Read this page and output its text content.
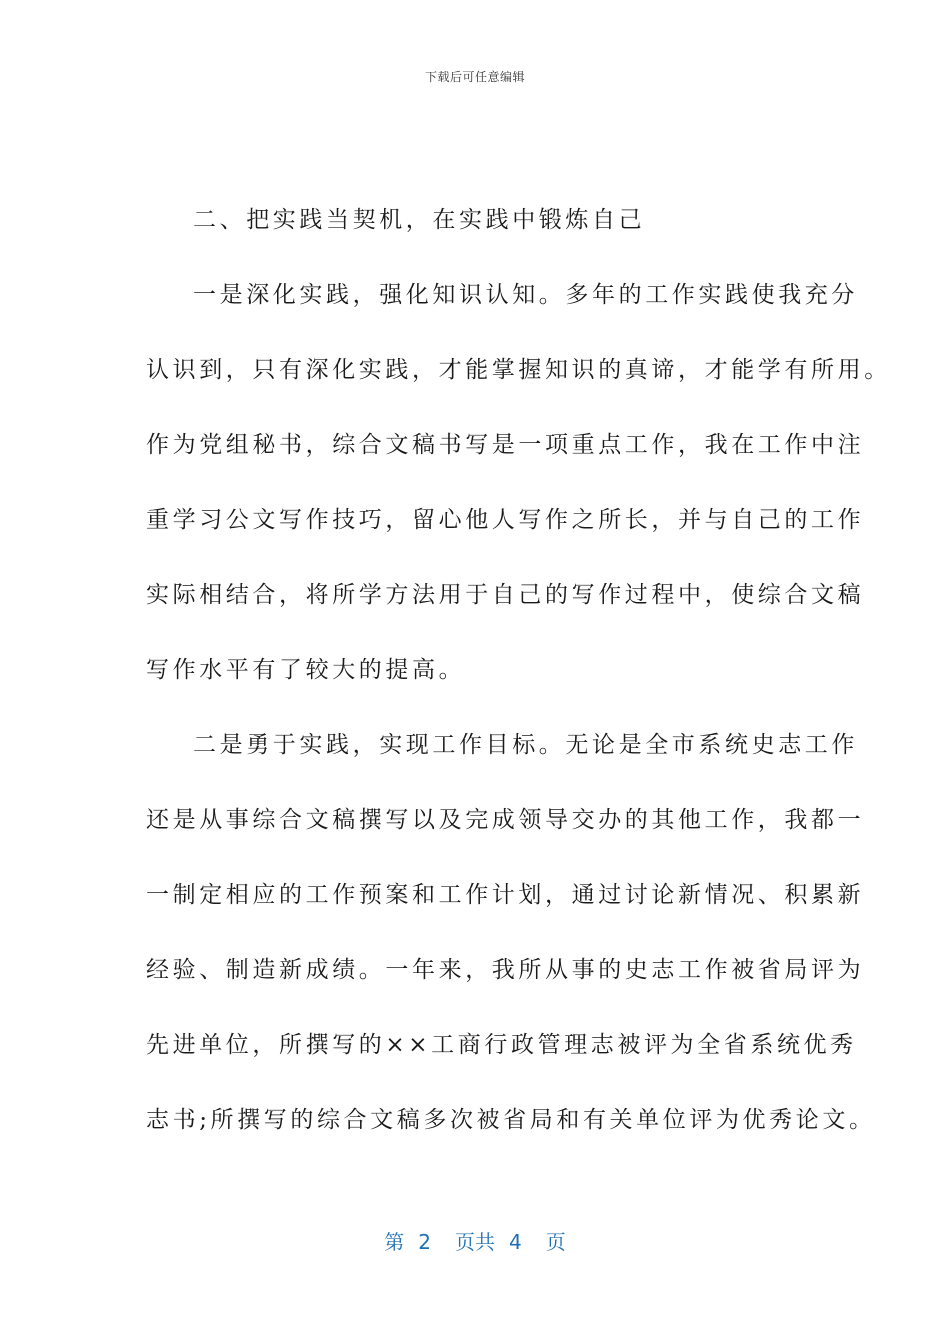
下载后可任意编辑
二、把实践当契机，在实践中锻炼自己
一是深化实践，强化知识认知。多年的工作实践使我充分
认识到，只有深化实践，才能掌握知识的真谛，才能学有所用。
作为党组秘书，综合文稿书写是一项重点工作，我在工作中注
重学习公文写作技巧，留心他人写作之所长，并与自己的工作
实际相结合，将所学方法用于自己的写作过程中，使综合文稿
写作水平有了较大的提高。
二是勇于实践，实现工作目标。无论是全市系统史志工作
还是从事综合文稿撰写以及完成领导交办的其他工作，我都一
一制定相应的工作预案和工作计划，通过讨论新情况、积累新
经验、制造新成绩。一年来，我所从事的史志工作被省局评为
先进单位，所撰写的××工商行政管理志被评为全省系统优秀
志书;所撰写的综合文稿多次被省局和有关单位评为优秀论文。
第 2 页共 4 页
